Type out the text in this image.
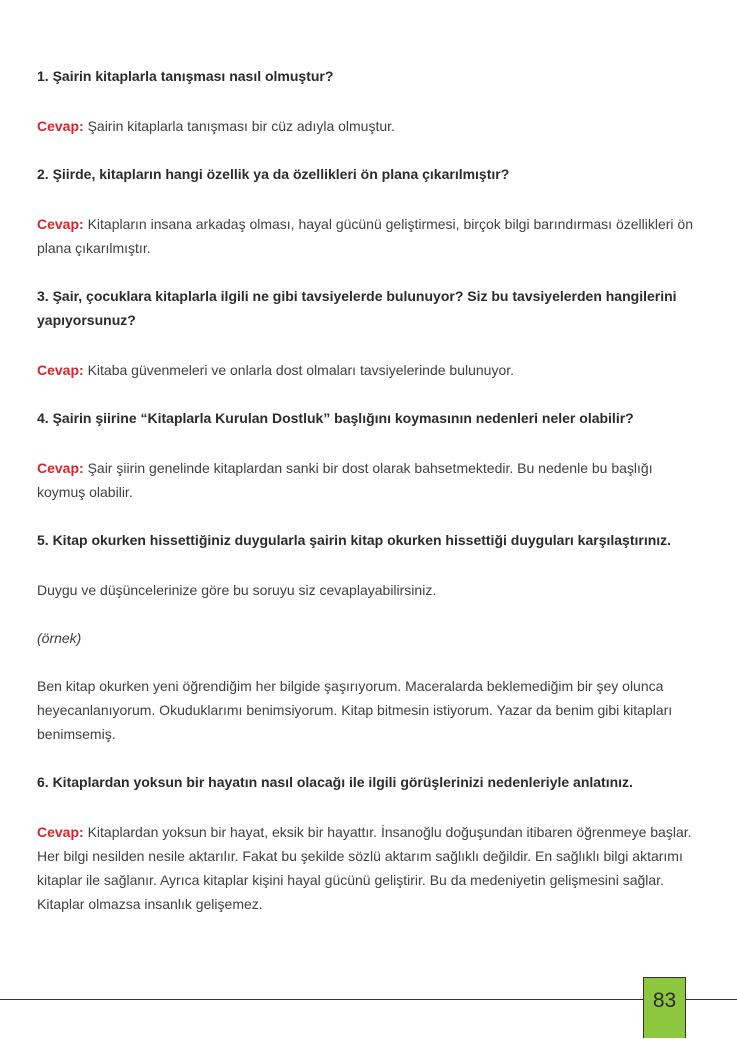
1. Şairin kitaplarla tanışması nasıl olmuştur?

Cevap: Şairin kitaplarla tanışması bir cüz adıyla olmuştur.

2. Şiirde, kitapların hangi özellik ya da özellikleri ön plana çıkarılmıştır?

Cevap: Kitapların insana arkadaş olması, hayal gücünü geliştirmesi, birçok bilgi barındırması özellikleri ön plana çıkarılmıştır.

3. Şair, çocuklara kitaplarla ilgili ne gibi tavsiyelerde bulunuyor? Siz bu tavsiyelerden hangilerini yapıyorsunuz?

Cevap: Kitaba güvenmeleri ve onlarla dost olmaları tavsiyelerinde bulunuyor.

4. Şairin şiirine “Kitaplarla Kurulan Dostluk” başlığını koymasının nedenleri neler olabilir?

Cevap: Şair şiirin genelinde kitaplardan sanki bir dost olarak bahsetmektedir. Bu nedenle bu başlığı koymuş olabilir.

5. Kitap okurken hissettiğiniz duygularla şairin kitap okurken hissettiği duyguları karşılaştırınız.

Duygu ve düşüncelerinize göre bu soruyu siz cevaplayabilirsiniz.

(örnek)

Ben kitap okurken yeni öğrendiğim her bilgide şaşırıyorum. Maceralarda beklemediğim bir şey olunca heyecanlanıyorum. Okuduklarımı benimsiyorum. Kitap bitmesin istiyorum. Yazar da benim gibi kitapları benimsemiş.

6. Kitaplardan yoksun bir hayatın nasıl olacağı ile ilgili görüşlerinizi nedenleriyle anlatınız.

Cevap: Kitaplardan yoksun bir hayat, eksik bir hayattır. İnsanoğlu doğuşundan itibaren öğrenmeye başlar. Her bilgi nesilden nesile aktarılır. Fakat bu şekilde sözlü aktarım sağlıklı değildir. En sağlıklı bilgi aktarımı kitaplar ile sağlanır. Ayrıca kitaplar kişini hayal gücünü geliştirir. Bu da medeniyetin gelişmesini sağlar. Kitaplar olmazsa insanlık gelişemez.

83
